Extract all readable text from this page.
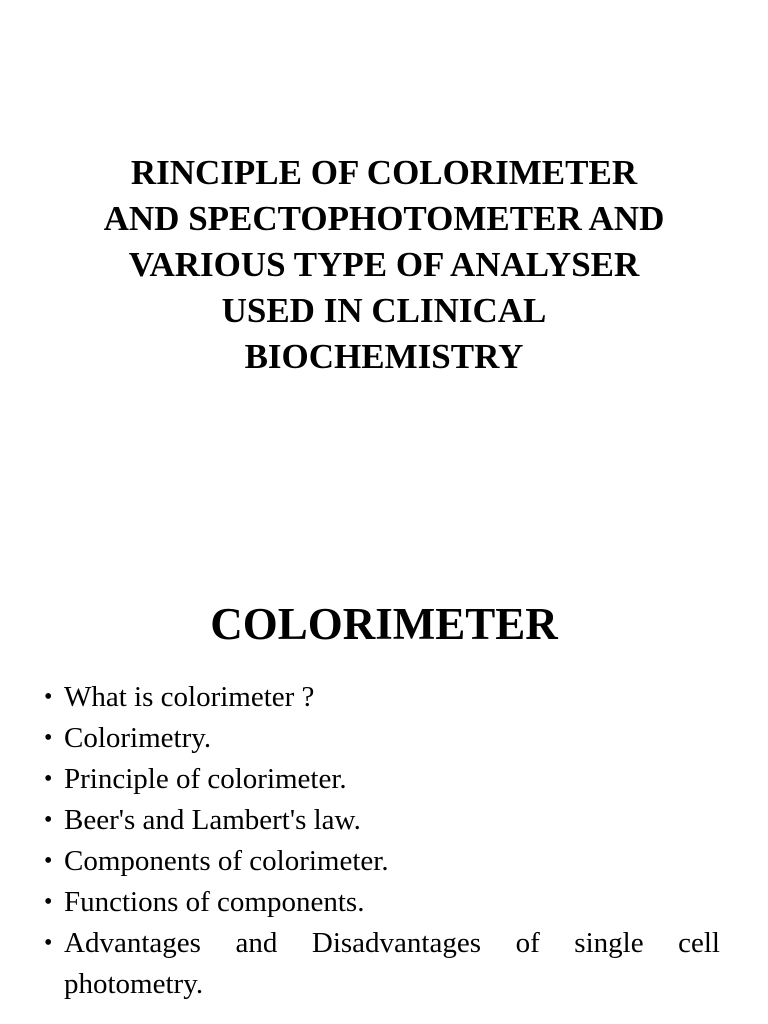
RINCIPLE OF COLORIMETER
AND SPECTOPHOTOMETER AND
VARIOUS TYPE OF ANALYSER
USED IN CLINICAL
BIOCHEMISTRY
COLORIMETER
• What is colorimeter ?
• Colorimetry.
• Principle of colorimeter.
• Beer's and Lambert's law.
• Components of colorimeter.
• Functions of components.
• Advantages and Disadvantages of single cell photometry.
